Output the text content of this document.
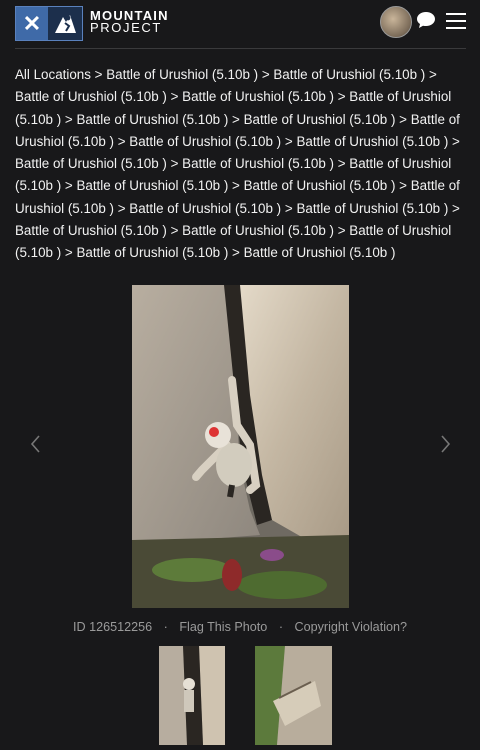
✕	MOUNTAIN
PROJECT
All Locations > Battle of Urushiol (5.10b ) > Battle of Urushiol (5.10b ) > Battle of Urushiol (5.10b ) > Battle of Urushiol (5.10b ) > Battle of Urushiol (5.10b ) > Battle of Urushiol (5.10b ) > Battle of Urushiol (5.10b ) > Battle of Urushiol (5.10b ) > Battle of Urushiol (5.10b ) > Battle of Urushiol (5.10b ) > Battle of Urushiol (5.10b ) > Battle of Urushiol (5.10b ) > Battle of Urushiol (5.10b ) > Battle of Urushiol (5.10b ) > Battle of Urushiol (5.10b ) > Battle of Urushiol (5.10b ) > Battle of Urushiol (5.10b ) > Battle of Urushiol (5.10b ) > Battle of Urushiol (5.10b ) > Battle of Urushiol (5.10b ) > Battle of Urushiol (5.10b ) > Battle of Urushiol (5.10b ) > Battle of Urushiol (5.10b )
ID 126512256 · Flag This Photo · Copyright Violation?
